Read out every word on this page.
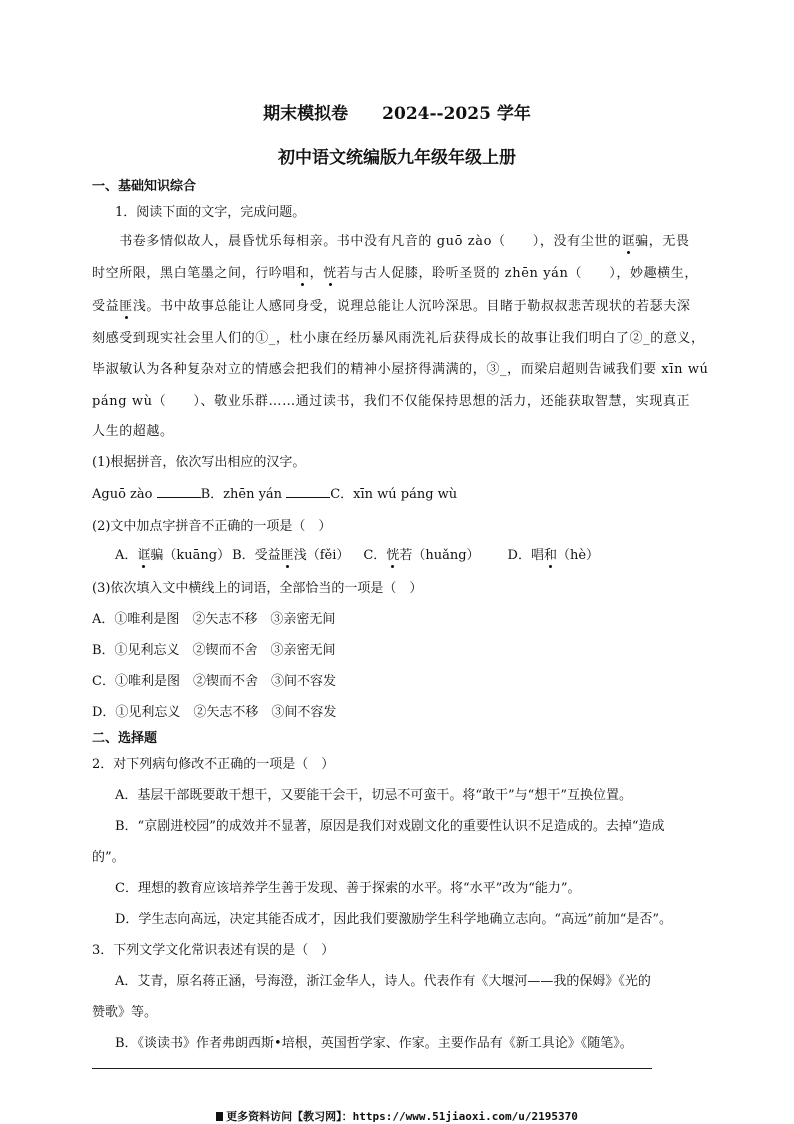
期末模拟卷　　2024--2025 学年
初中语文统编版九年级年级上册
一、基础知识综合
1．阅读下面的文字，完成问题。
　　书卷多情似故人，晨昏忧乐每相亲。书中没有凡音的 guō zào（　　），没有尘世的诓骗，无畏
时空所限，黑白笔墨之间，行吟唱和，恍若与古人促膝，聆听圣贤的 zhēn yán（　　），妙趣横生，
受益匪浅。书中故事总能让人感同身受，说理总能让人沉吟深思。目睹于勒叔叔悲苦现状的若瑟夫深
刻感受到现实社会里人们的①_，杜小康在经历暴风雨洗礼后获得成长的故事让我们明白了②_的意义，
毕淑敏认为各种复杂对立的情感会把我们的精神小屋挤得满满的，③_，而梁启超则告诫我们要 xīn wú
páng wù（　　）、敬业乐群……通过读书，我们不仅能保持思想的活力，还能获取智慧，实现真正
人生的超越。
(1)根据拼音，依次写出相应的汉字。
Aguō zào	B．zhēn yán	C．xīn wú páng wù
(2)文中加点字拼音不正确的一项是（　）
A．诓骗（kuāng） B．受益匪浅（fěi） C．恍若（huǎng） D．唱和（hè）
(3)依次填入文中横线上的词语，全部恰当的一项是（　）
A．①唯利是图　②矢志不移　③亲密无间
B．①见利忘义　②锲而不舍　③亲密无间
C．①唯利是图　②锲而不舍　③间不容发
D．①见利忘义　②矢志不移　③间不容发
二、选择题
2．对下列病句修改不正确的一项是（　）
A．基层干部既要敢干想干，又要能干会干，切忌不可蛮干。将“敢干”与“想干”互换位置。
B．“京剧进校园”的成效并不显著，原因是我们对戏剧文化的重要性认识不足造成的。去掉“造成
的”。
C．理想的教育应该培养学生善于发现、善于探索的水平。将“水平”改为“能力”。
D．学生志向高远，决定其能否成才，因此我们要激励学生科学地确立志向。“高远”前加“是否”。
3．下列文学文化常识表述有误的是（　）
A．艾青，原名蒋正涵，号海澄，浙江金华人，诗人。代表作有《大堰河——我的保姆》《光的
赞歌》等。
B．《谈读书》作者弗朗西斯•培根，英国哲学家、作家。主要作品有《新工具论》《随笔》。
更多资料访问【教习网】：https://www.51jiaoxi.com/u/2195370
